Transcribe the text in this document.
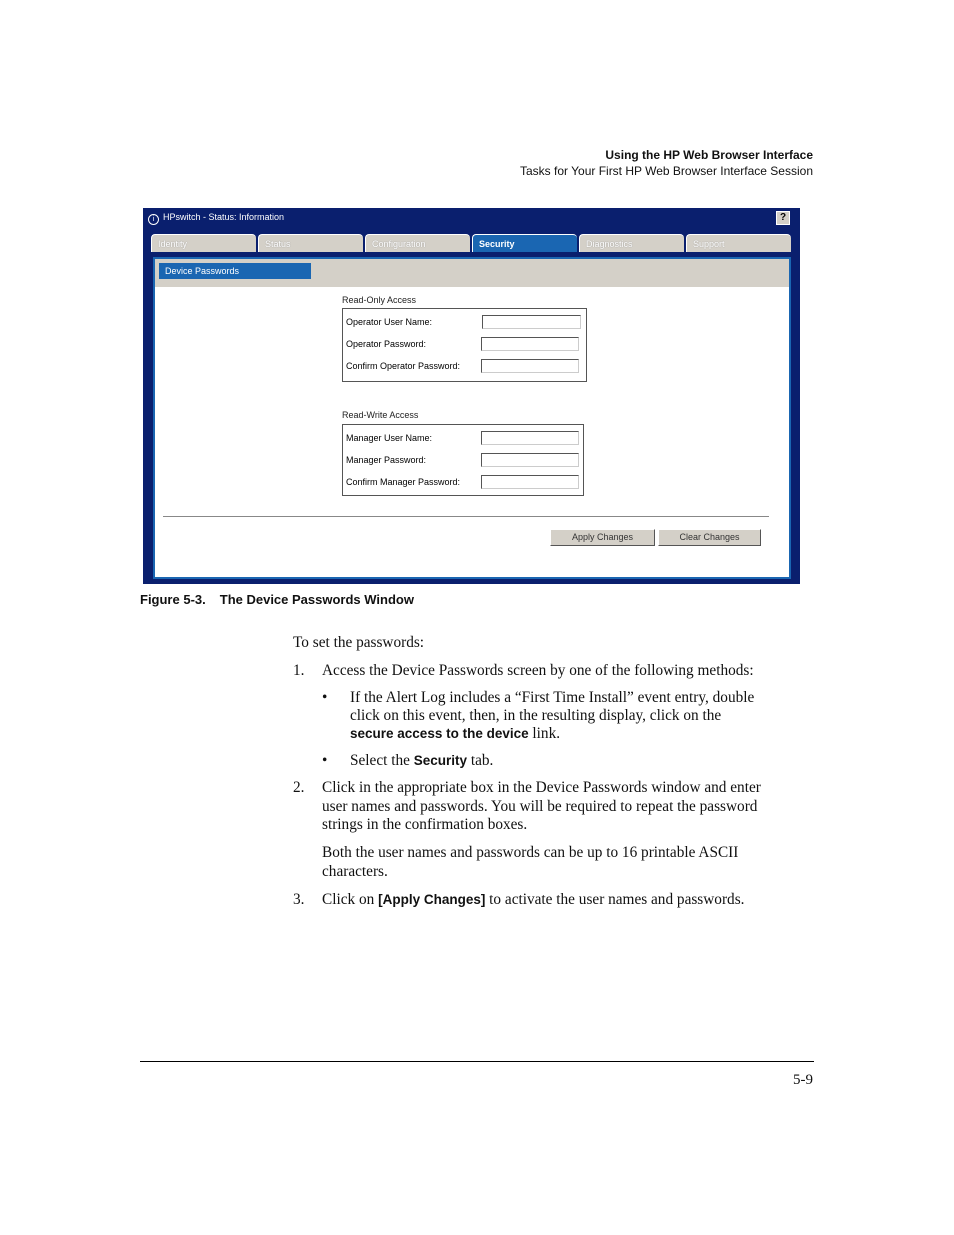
Using the HP Web Browser Interface
Tasks for Your First HP Web Browser Interface Session
i HPswitch - Status: Information	?
Identity	Status	Configuration	Security	Diagnostics	Support
Device Passwords
Read-Only Access
Operator User Name:
Operator Password:
Confirm Operator Password:
Read-Write Access
Manager User Name:
Manager Password:
Confirm Manager Password:
Apply Changes	Clear Changes
Figure 5-3. The Device Passwords Window
To set the passwords:
1. Access the Device Passwords screen by one of the following methods:
• If the Alert Log includes a “First Time Install” event entry, double
click on this event, then, in the resulting display, click on the
secure access to the device link.
• Select the Security tab.
2. Click in the appropriate box in the Device Passwords window and enter
user names and passwords. You will be required to repeat the password
strings in the confirmation boxes.
Both the user names and passwords can be up to 16 printable ASCII
characters.
3. Click on [Apply Changes] to activate the user names and passwords.
5-9
